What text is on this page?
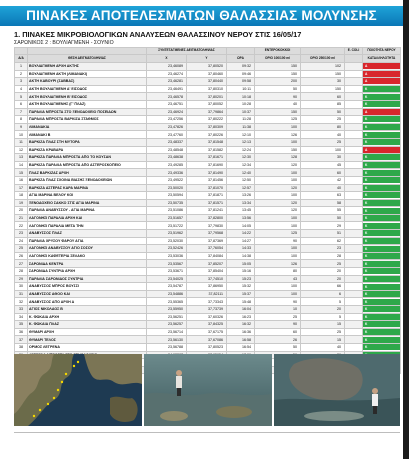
ΠΙΝΑΚΕΣ ΑΠΟΤΕΛΕΣΜΑΤΩΝ ΘΑΛΑΣΣΙΑΣ ΜΟΛΥΝΣΗΣ
1. ΠΙΝΑΚΕΣ ΜΙΚΡΟΒΙΟΛΟΓΙΚΩΝ ΑΝΑΛΥΣΕΩΝ ΘΑΛΑΣΣΙΝΟΥ ΝΕΡΟΥ ΣΤΙΣ 16/05/17
ΣΑΡΩΝΙΚΟΣ 2 : ΒΟΥΛΙΑΓΜΕΝΗ - ΣΟΥΝΙΟ
		ΣΥΝΤΕΤΑΓΜΕΝΕΣ ΔΕΙΓΜΑΤΟΛΗΨΙΑΣ			ΕΝΤΕΡΟΚΟΚΚΟΙ		E. COLI	ΠΟΙΟΤΗΤΑ ΝΕΡΟΥ
Α/Α	ΘΕΣΗ ΔΕΙΓΜΑΤΟΛΗΨΙΑΣ	X	Y	ΩΡΑ	ΟΡΙΟ 100/100 ml	ΟΡΙΟ 250/100 ml		ΚΑΤΑΛΛΗΛΟΤΗΤΑ
1	ΒΟΥΛΙΑΓΜΕΝΗ ΑΡΧΗ ΑΚΤΗΣ	23,46089	37,80520	09:32	150	102		Α

2	ΒΟΥΛΙΑΓΜΕΝΗ ΑΚΤΗ (ΛΙΜΑΝΑΚΙ)	23,46274	37,80460	09:46	150	150		Α

3	ΑΚΤΗ ΚΑΒΟΥΡΙ (ΣΑΒΒΑΣ)	23,46281	37,80440	09:58	200	30		Α

4	ΑΚΤΗ ΒΟΥΛΙΑΓΜΕΝΗ Α' ΕΙΣΟΔΟΣ	23,46491	37,80310	10:11	50	150		Κ

5	ΑΚΤΗ ΒΟΥΛΙΑΓΜΕΝΗ Β' ΕΙΣΟΔΟΣ	23,46578	37,80201	10:18	90	60		Κ

6	ΑΚΤΗ ΒΟΥΛΙΑΓΜΕΝΗΣ (Γ' ΠΛΑΖ)	23,46751	37,80052	10:28	40	85		Κ

7	ΠΑΡΑΛΙΑ ΜΠΡΟΣΤΑ ΣΤΟ ΞΕΝΟΔΟΧΕΙΟ ΠΟΣΕΙΔΩΝ	23,46924	37,79864	10:37	150	50		Α

8	ΠΑΡΑΛΙΑ ΜΠΡΟΣΤΑ ΒΑΡΚΙΖΑ ΣΤΑΘΜΟΣ	23,47256	37,80222	11:28	125	25		Κ

9	ΛΙΜΑΝΑΚΙΑ	23,47826	37,80309	11:38	100	80		Κ

10	ΛΙΜΑΝΑΚΙ Β	23,47760	37,80226	12:10	126	40		Κ

11	ΒΑΡΚΙΖΑ ΠΛΑΖ ΣΤΗ ΜΥΤΟΡΑ	23,48337	37,81548	12:13	100	25		Κ

12	ΒΑΡΚΙΖΑ ΚΡΑΒΑΡΑ	23,48548	37,81582	12:24	150	100		Α

13	ΒΑΡΚΙΖΑ ΠΑΡΑΛΙΑ ΜΠΡΟΣΤΑ ΑΠΟ ΤΟ ΚΟΥΣΑΝ	23,48638	37,81671	12:30	128	30		Κ

14	ΒΑΡΚΙΖΑ ΠΑΡΑΛΙΑ ΜΠΡΟΣΤΑ ΑΠΟ ΑΣΤΕΡΟΣΚΟΠΕΙΟ	23,49285	37,81690	12:34	120	45		Κ

15	ΠΛΑΖ ΒΑΡΚΙΖΑΣ ΑΡΧΗ	23,49336	37,81490	12:40	100	60		Κ

16	ΒΑΡΚΙΖΑ ΠΛΑΖ ΣΧΟΙΝΑ ΒΙΑΣΗΣ ΞΕΝΟΔΟΧΕΙΩΝ	23,49522	37,81456	12:50	100	42		Κ

17	ΒΑΡΚΙΖΑ ΑΣΤΕΡΑΣ ΚΑΡΑ ΜΑΡΙΝΑ	23,50020	37,81070	12:57	120	40		Κ

18	ΑΓΙΑ ΜΑΡΙΝΑ ΒΕΛΟΥ ΚΟΙ	23,50594	37,81871	13:26	100	63		Κ

19	ΞΕΝΟΔΟΧΕΙΟ ΣΑΚΚΟ ΣΤΙΣ ΑΓΙΑ ΜΑΡΙΝΑ	23,50735	37,81571	13:34	120	58		Κ

20	ΠΑΡΑΛΙΑ ΑΝΑΒΥΣΣΟΥ - ΑΓΙΑ ΜΑΡΙΝΑ	23,51086	37,81241	13:45	120	55		Κ

21	ΛΑΓΟΝΗΣΙ ΠΑΡΑΛΙΑ ΑΡΧΗ ΚΑΙ	23,51657	37,82800	13:56	100	50		Κ

22	ΛΑΓΟΝΗΣΙ ΠΑΡΑΛΙΑ ΜΕΤΑ ΤΗΝ	23,51722	37,79830	14:05	100	29		Κ

23	ΑΝΑΒΥΣΣΟΣ ΠΛΑΖ	23,51962	37,79568	14:22	125	51		Κ

24	ΠΑΡΑΛΙΑ ΧΡΥΣΟΥ ΦΑΡΟΥ ΑΓΙΑ	23,52030	37,87369	14:27	90	62		Κ

25	ΛΑΓΟΝΗΣΙ ΑΝΑΒΥΣΣΟΥ ΑΓΙΟ ΣΟΣΟΥ	23,52426	37,76054	14:33	100	23		Κ

26	ΛΑΓΟΝΗΣΙ ΚΑΦΕΤΕΡΙΑ ΣΕΛΑΚΟ	23,53036	37,84084	14:38	100	28		Κ

27	ΣΑΡΩΝΙΔΑ ΚΕΝΤΡΑ	23,53567	37,85207	15:05	126	25		Κ

28	ΣΑΡΩΝΙΔΑ ΣΥΝΤΡΙΑ ΑΡΧΗ	23,53671	37,85404	15:16	80	20		Κ

29	ΠΑΡΑΛΙΑ ΣΑΡΩΝΙΔΟΣ ΣΥΝΤΡΙΑ	23,54025	37,74510	15:23	43	20		Κ

30	ΑΝΑΒΥΣΣΟΣ ΜΠΡΟΣ ΒΟΥΣΣΙ	23,54787	37,86950	15:32	100	66		Κ

31	ΑΝΑΒΥΣΣΟΣ ΑΘΟΟ ΚΑΙ	23,54886	37,82111	15:37	100	6		Κ

32	ΑΝΑΒΥΣΣΟΣ ΑΠΟ ΑΡΧΗ Α	23,55365	37,73343	15:48	90	5		Κ

33	ΑΓΙΟΣ ΝΙΚΟΛΑΟΣ Β	23,55950	37,73739	16:04	10	20		Κ

34	Κ. ΦΩΚΑΙΑ ΑΡΧΗ	23,56251	37,60326	16:23	25	5		Κ

35	Κ. ΦΩΚΑΙΑ ΠΛΑΖ	23,56257	37,84325	16:32	90	15		Κ

36	ΘΥΜΑΡΙ ΑΡΧΗ	23,56714	37,67175	16:36	60	25		Κ

37	ΘΥΜΑΡΙ ΤΕΛΟΣ	23,56130	37,67086	16:58	26	15		Κ

38	ΟΡΜΟΣ ΛΕΓΡΕΝΑ	23,56788	37,80523	16:54	50	40		Κ
